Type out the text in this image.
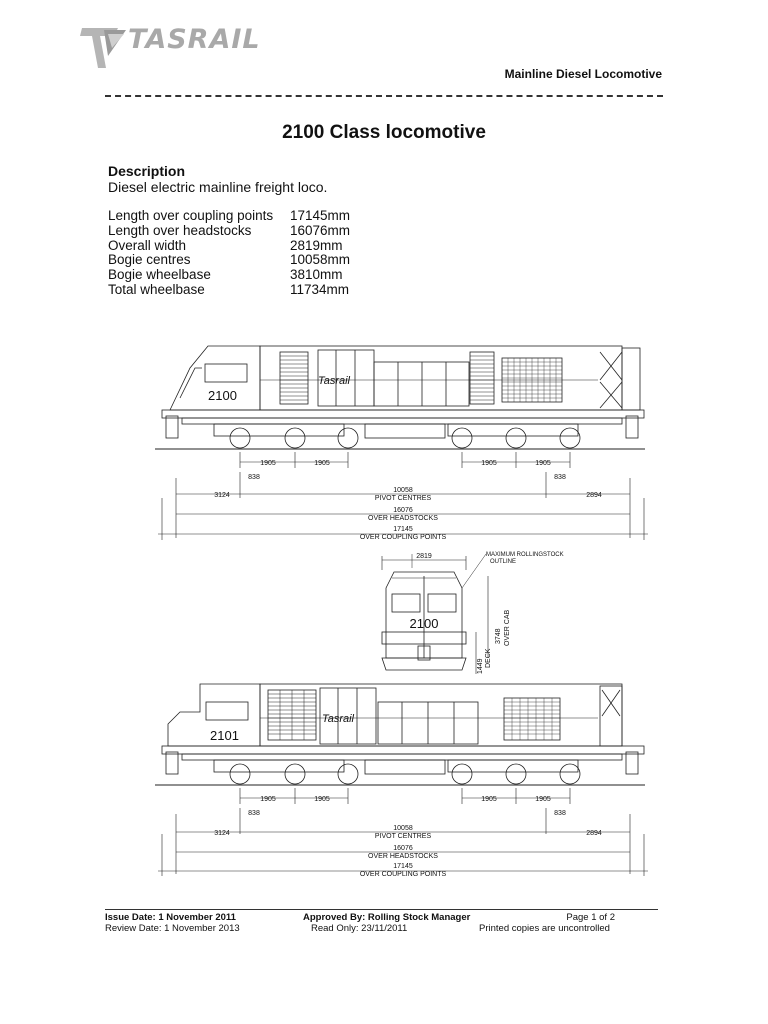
TASRAIL
Mainline Diesel Locomotive
2100 Class locomotive
Description
Diesel electric mainline freight loco.
Length over coupling points	17145mm
Length over headstocks	16076mm
Overall width	2819mm
Bogie centres	10058mm
Bogie wheelbase	3810mm
Total wheelbase	11734mm
2100
Tasrail
1905	1905	1905	1905
838	838
3124
10058
PIVOT CENTRES	2894
16076
OVER HEADSTOCKS
17145
OVER COUPLING POINTS
2819
2100
MAXIMUM ROLLINGSTOCK
OUTLINE
3748 OVER CAB
1449 DECK
2101
Tasrail
1905	1905	1905	1905
838	838
3124
10058
PIVOT CENTRES	2894
16076
OVER HEADSTOCKS
17145
OVER COUPLING POINTS
Issue Date: 1 November 2011
Review Date: 1 November 2013
Approved By: Rolling Stock Manager
Read Only: 23/11/2011
Page 1 of 2
Printed copies are uncontrolled
